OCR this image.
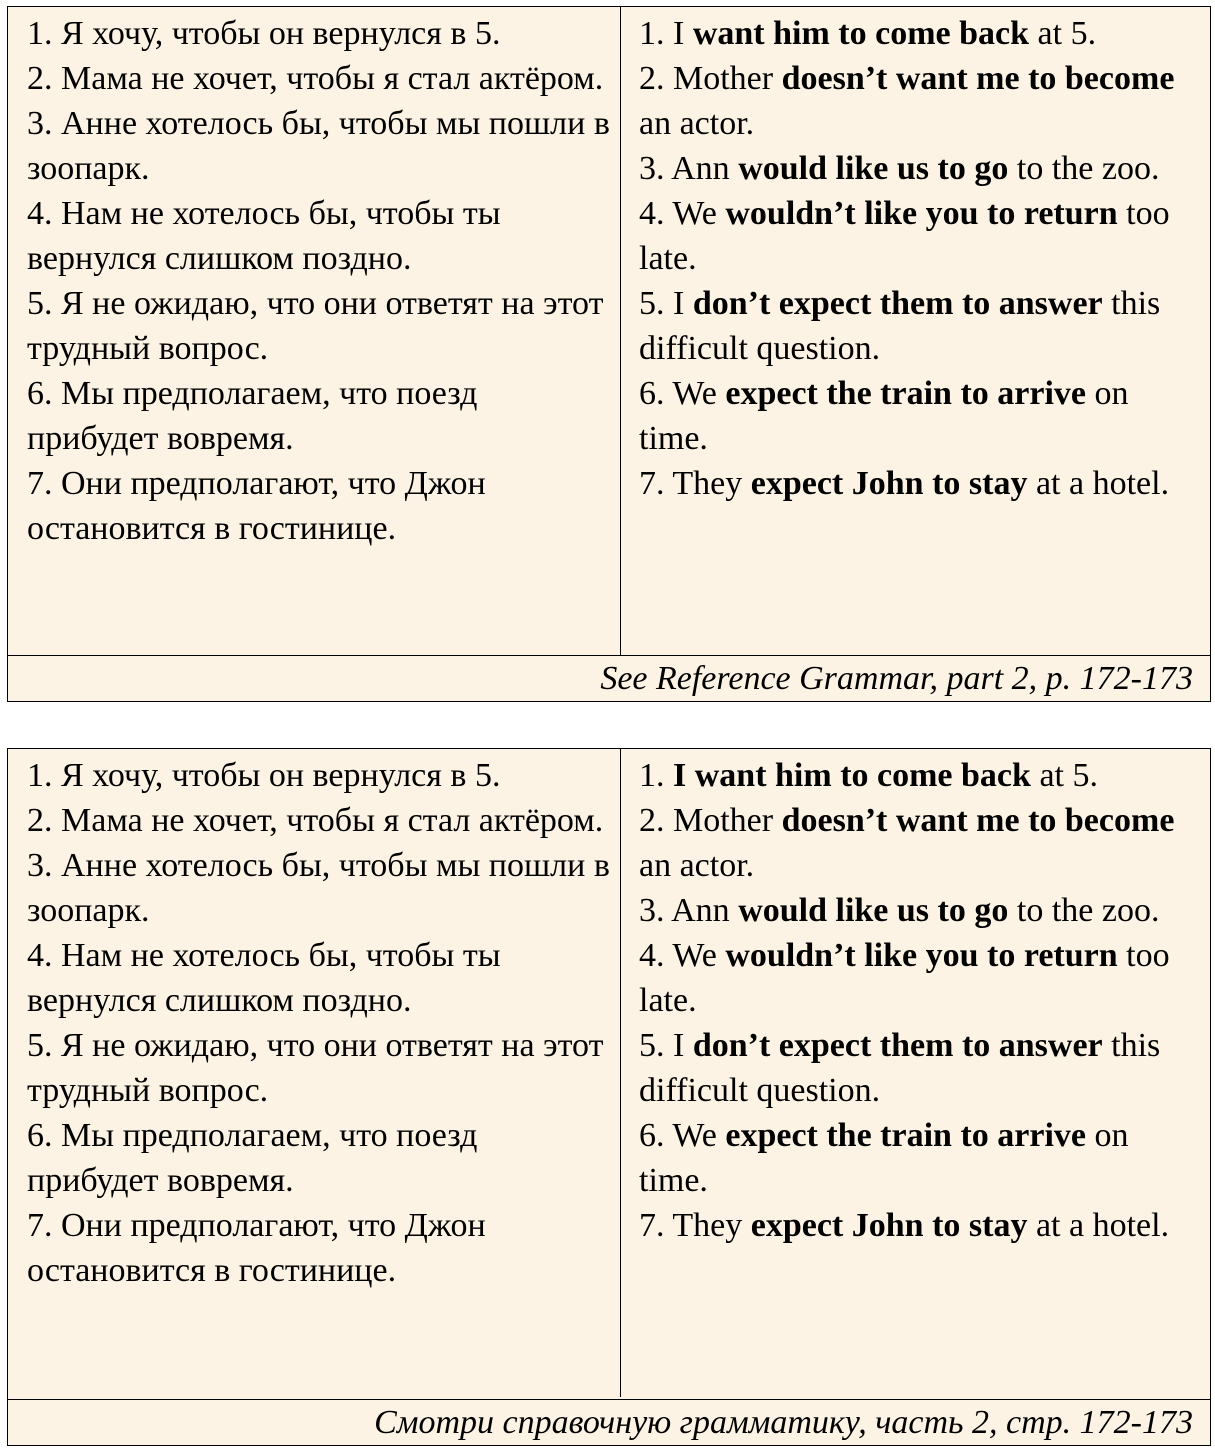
1. Я хочу, чтобы он вернулся в 5.
2. Мама не хочет, чтобы я стал актёром.
3. Анне хотелось бы, чтобы мы пошли в зоопарк.
4. Нам не хотелось бы, чтобы ты вернулся слишком поздно.
5. Я не ожидаю, что они ответят на этот трудный вопрос.
6. Мы предполагаем, что поезд прибудет вовремя.
7. Они предполагают, что Джон остановится в гостинице.
1. I want him to come back at 5.
2. Mother doesn’t want me to become an actor.
3. Ann would like us to go to the zoo.
4. We wouldn’t like you to return too late.
5. I don’t expect them to answer this difficult question.
6. We expect the train to arrive on time.
7. They expect John to stay at a hotel.
See Reference Grammar, part 2, p. 172-173
1. Я хочу, чтобы он вернулся в 5.
2. Мама не хочет, чтобы я стал актёром.
3. Анне хотелось бы, чтобы мы пошли в зоопарк.
4. Нам не хотелось бы, чтобы ты вернулся слишком поздно.
5. Я не ожидаю, что они ответят на этот трудный вопрос.
6. Мы предполагаем, что поезд прибудет вовремя.
7. Они предполагают, что Джон остановится в гостинице.
1. I want him to come back at 5.
2. Mother doesn’t want me to become an actor.
3. Ann would like us to go to the zoo.
4. We wouldn’t like you to return too late.
5. I don’t expect them to answer this difficult question.
6. We expect the train to arrive on time.
7. They expect John to stay at a hotel.
Смотри справочную грамматику, часть 2, стр. 172-173
